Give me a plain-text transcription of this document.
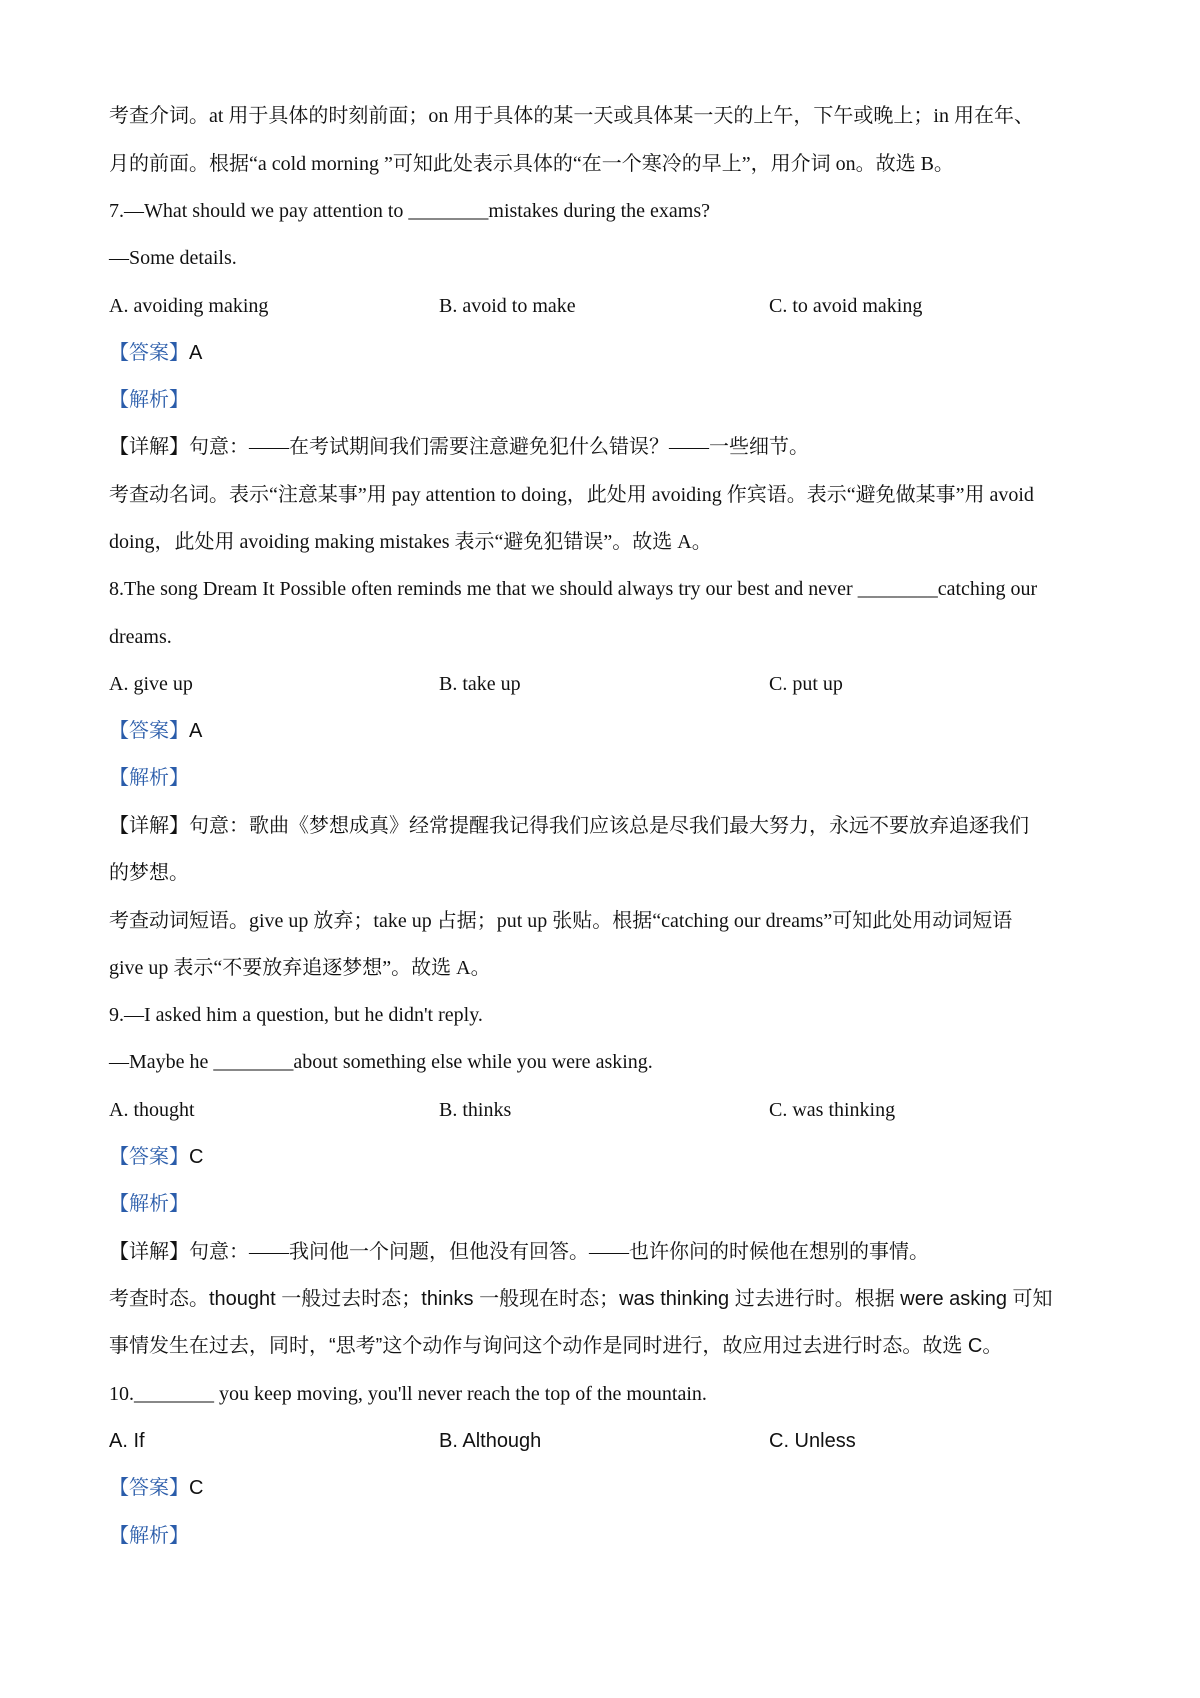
考查介词。at 用于具体的时刻前面；on 用于具体的某一天或具体某一天的上午，下午或晚上；in 用在年、
月的前面。根据“a cold morning ”可知此处表示具体的“在一个寒冷的早上”，用介词 on。故选 B。
7.—What should we pay attention to ________mistakes during the exams?
—Some details.
A. avoiding making	B. avoid to make	C. to avoid making
【答案】A
【解析】
【详解】句意：——在考试期间我们需要注意避免犯什么错误？——一些细节。
考查动名词。表示“注意某事”用 pay attention to doing，此处用 avoiding 作宾语。表示“避免做某事”用 avoid
doing，此处用 avoiding making mistakes 表示“避免犯错误”。故选 A。
8.The song Dream It Possible often reminds me that we should always try our best and never ________catching our
dreams.
A. give up	B. take up	C. put up
【答案】A
【解析】
【详解】句意：歌曲《梦想成真》经常提醒我记得我们应该总是尽我们最大努力，永远不要放弃追逐我们
的梦想。
考查动词短语。give up 放弃；take up 占据；put up 张贴。根据“catching our dreams”可知此处用动词短语
give up 表示“不要放弃追逐梦想”。故选 A。
9.—I asked him a question, but he didn't reply.
—Maybe he ________about something else while you were asking.
A. thought	B. thinks	C. was thinking
【答案】C
【解析】
【详解】句意：——我问他一个问题，但他没有回答。——也许你问的时候他在想别的事情。
考查时态。thought 一般过去时态；thinks 一般现在时态；was thinking 过去进行时。根据 were asking 可知
事情发生在过去，同时，“思考”这个动作与询问这个动作是同时进行，故应用过去进行时态。故选 C。
10.________ you keep moving, you'll never reach the top of the mountain.
A. If	B. Although	C. Unless
【答案】C
【解析】
